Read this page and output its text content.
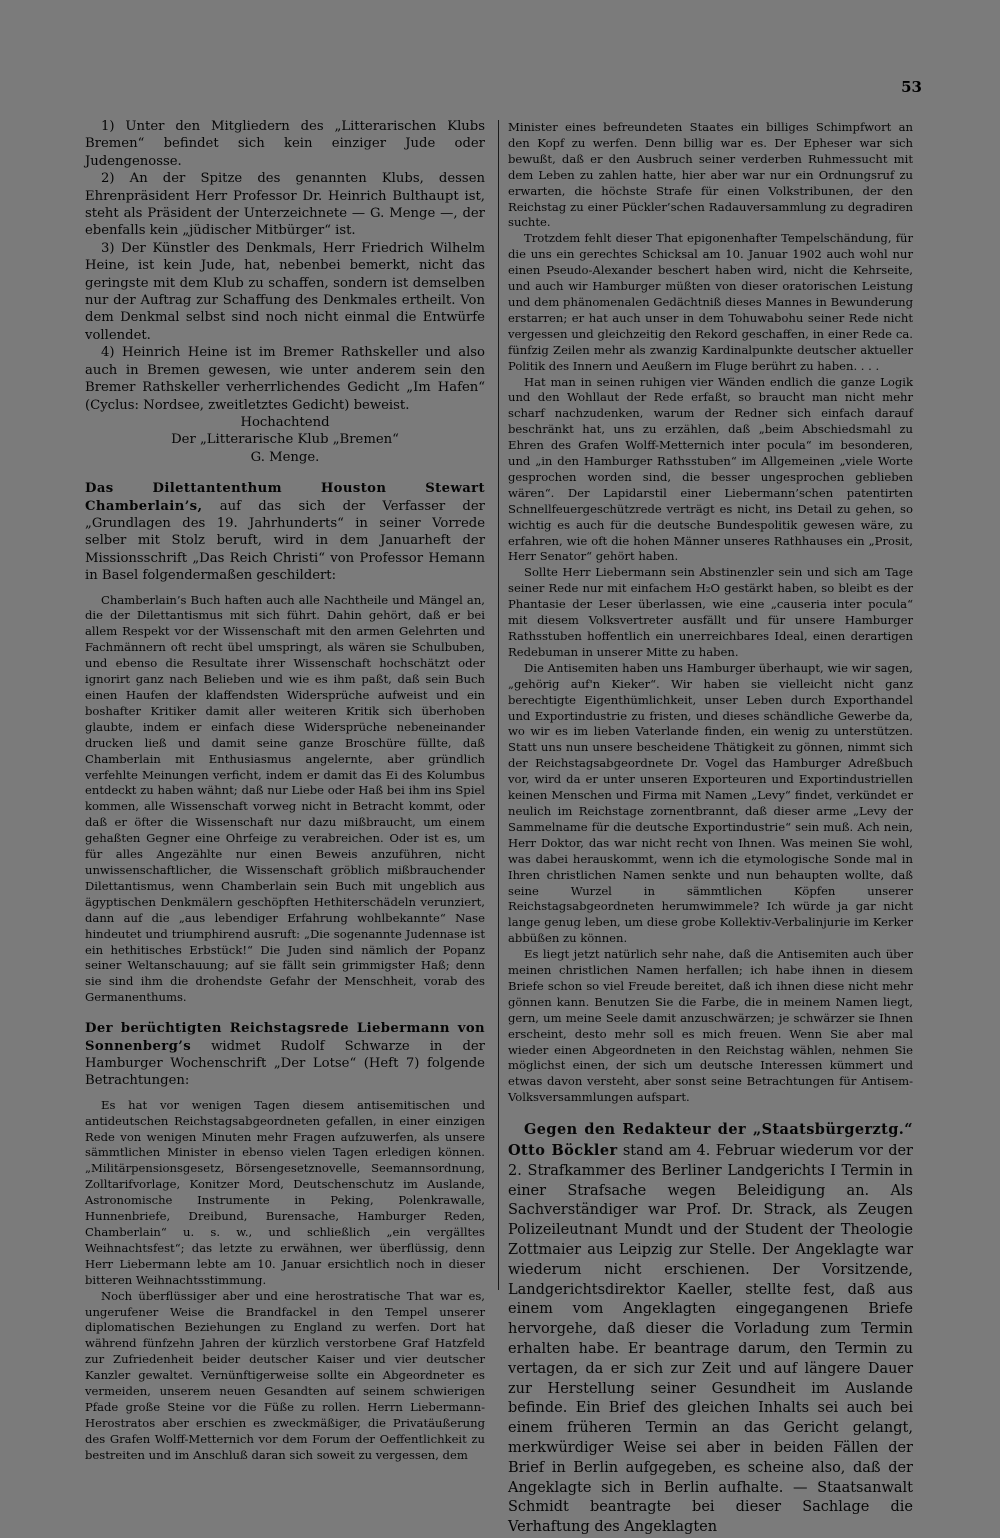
53

1) Unter den Mitgliedern des „Litterarischen Klubs Bremen“ befindet sich kein einziger Jude oder Judengenosse.

2) An der Spitze des genannten Klubs, dessen Ehrenpräsident Herr Professor Dr. Heinrich Bulthaupt ist, steht als Präsident der Unterzeichnete — G. Menge —, der ebenfalls kein „jüdischer Mitbürger“ ist.

3) Der Künstler des Denkmals, Herr Friedrich Wilhelm Heine, ist kein Jude, hat, nebenbei bemerkt, nicht das geringste mit dem Klub zu schaffen, sondern ist demselben nur der Auftrag zur Schaffung des Denkmales ertheilt. Von dem Denkmal selbst sind noch nicht einmal die Entwürfe vollendet.

4) Heinrich Heine ist im Bremer Rathskeller und also auch in Bremen gewesen, wie unter anderem sein den Bremer Rathskeller verherrlichendes Gedicht „Im Hafen“ (Cyclus: Nordsee, zweitletztes Gedicht) beweist.

Hochachtend

Der „Litterarische Klub „Bremen“

G. Menge.

Das Dilettantenthum Houston Stewart Chamberlain’s, auf das sich der Verfasser der „Grundlagen des 19. Jahrhunderts“ in seiner Vorrede selber mit Stolz beruft, wird in dem Januarheft der Missionsschrift „Das Reich Christi“ von Professor Hemann in Basel folgendermaßen geschildert:

Chamberlain’s Buch haften auch alle Nachtheile und Mängel an, die der Dilettantismus mit sich führt. Dahin gehört, daß er bei allem Respekt vor der Wissenschaft mit den armen Gelehrten und Fachmännern oft recht übel umspringt, als wären sie Schulbuben, und ebenso die Resultate ihrer Wissenschaft hochschätzt oder ignorirt ganz nach Belieben und wie es ihm paßt, daß sein Buch einen Haufen der klaffendsten Widersprüche aufweist und ein boshafter Kritiker damit aller weiteren Kritik sich überhoben glaubte, indem er einfach diese Widersprüche nebeneinander drucken ließ und damit seine ganze Broschüre füllte, daß Chamberlain mit Enthusiasmus angelernte, aber gründlich verfehlte Meinungen verficht, indem er damit das Ei des Kolumbus entdeckt zu haben wähnt; daß nur Liebe oder Haß bei ihm ins Spiel kommen, alle Wissenschaft vorweg nicht in Betracht kommt, oder daß er öfter die Wissenschaft nur dazu mißbraucht, um einem gehaßten Gegner eine Ohrfeige zu verabreichen. Oder ist es, um für alles Angezählte nur einen Beweis anzuführen, nicht unwissenschaftlicher, die Wissenschaft gröblich mißbrauchender Dilettantismus, wenn Chamberlain sein Buch mit ungeblich aus ägyptischen Denkmälern geschöpften Hethiterschädeln verunziert, dann auf die „aus lebendiger Erfahrung wohlbekannte“ Nase hindeutet und triumphirend ausruft: „Die sogenannte Judennase ist ein hethitisches Erbstück!“ Die Juden sind nämlich der Popanz seiner Weltanschauung; auf sie fällt sein grimmigster Haß; denn sie sind ihm die drohendste Gefahr der Menschheit, vorab des Germanenthums.

Der berüchtigten Reichstagsrede Liebermann von Sonnenberg’s widmet Rudolf Schwarze in der Hamburger Wochenschrift „Der Lotse“ (Heft 7) folgende Betrachtungen:

Es hat vor wenigen Tagen diesem antisemitischen und antideutschen Reichstagsabgeordneten gefallen, in einer einzigen Rede von wenigen Minuten mehr Fragen aufzuwerfen, als unsere sämmtlichen Minister in ebenso vielen Tagen erledigen können. „Militärpensionsgesetz, Börsengesetznovelle, Seemannsordnung, Zolltarifvorlage, Konitzer Mord, Deutschenschutz im Auslande, Astronomische Instrumente in Peking, Polenkrawalle, Hunnenbriefe, Dreibund, Burensache, Hamburger Reden, Chamberlain“ u. s. w., und schließlich „ein vergälltes Weihnachtsfest“; das letzte zu erwähnen, wer überflüssig, denn Herr Liebermann lebte am 10. Januar ersichtlich noch in dieser bitteren Weihnachtsstimmung.

Noch überflüssiger aber und eine herostratische That war es, ungerufener Weise die Brandfackel in den Tempel unserer diplomatischen Beziehungen zu England zu werfen. Dort hat während fünfzehn Jahren der kürzlich verstorbene Graf Hatzfeld zur Zufriedenheit beider deutscher Kaiser und vier deutscher Kanzler gewaltet. Vernünftigerweise sollte ein Abgeordneter es vermeiden, unserem neuen Gesandten auf seinem schwierigen Pfade große Steine vor die Füße zu rollen. Herrn Liebermann-Herostratos aber erschien es zweckmäßiger, die Privatäußerung des Grafen Wolff-Metternich vor dem Forum der Oeffentlichkeit zu bestreiten und im Anschluß daran sich soweit zu vergessen, dem

Minister eines befreundeten Staates ein billiges Schimpfwort an den Kopf zu werfen. Denn billig war es. Der Epheser war sich bewußt, daß er den Ausbruch seiner verderben Ruhmessucht mit dem Leben zu zahlen hatte, hier aber war nur ein Ordnungsruf zu erwarten, die höchste Strafe für einen Volkstribunen, der den Reichstag zu einer Pückler’schen Radauversammlung zu degradiren suchte.

Trotzdem fehlt dieser That epigonenhafter Tempelschändung, für die uns ein gerechtes Schicksal am 10. Januar 1902 auch wohl nur einen Pseudo-Alexander beschert haben wird, nicht die Kehrseite, und auch wir Hamburger müßten von dieser oratorischen Leistung und dem phänomenalen Gedächtniß dieses Mannes in Bewunderung erstarren; er hat auch unser in dem Tohuwabohu seiner Rede nicht vergessen und gleichzeitig den Rekord geschaffen, in einer Rede ca. fünfzig Zeilen mehr als zwanzig Kardinalpunkte deutscher aktueller Politik des Innern und Aeußern im Fluge berührt zu haben. . . .

Hat man in seinen ruhigen vier Wänden endlich die ganze Logik und den Wohllaut der Rede erfaßt, so braucht man nicht mehr scharf nachzudenken, warum der Redner sich einfach darauf beschränkt hat, uns zu erzählen, daß „beim Abschiedsmahl zu Ehren des Grafen Wolff-Metternich inter pocula“ im besonderen, und „in den Hamburger Rathsstuben“ im Allgemeinen „viele Worte gesprochen worden sind, die besser ungesprochen geblieben wären“. Der Lapidarstil einer Liebermann’schen patentirten Schnellfeuergeschützrede verträgt es nicht, ins Detail zu gehen, so wichtig es auch für die deutsche Bundespolitik gewesen wäre, zu erfahren, wie oft die hohen Männer unseres Rathhauses ein „Prosit, Herr Senator“ gehört haben.

Sollte Herr Liebermann sein Abstinenzler sein und sich am Tage seiner Rede nur mit einfachem H₂O gestärkt haben, so bleibt es der Phantasie der Leser überlassen, wie eine „causeria inter pocula“ mit diesem Volksvertreter ausfällt und für unsere Hamburger Rathsstuben hoffentlich ein unerreichbares Ideal, einen derartigen Redebuman in unserer Mitte zu haben.

Die Antisemiten haben uns Hamburger überhaupt, wie wir sagen, „gehörig auf'n Kieker“. Wir haben sie vielleicht nicht ganz berechtigte Eigenthümlichkeit, unser Leben durch Exporthandel und Exportindustrie zu fristen, und dieses schändliche Gewerbe da, wo wir es im lieben Vaterlande finden, ein wenig zu unterstützen. Statt uns nun unsere bescheidene Thätigkeit zu gönnen, nimmt sich der Reichstagsabgeordnete Dr. Vogel das Hamburger Adreßbuch vor, wird da er unter unseren Exporteuren und Exportindustriellen keinen Menschen und Firma mit Namen „Levy“ findet, verkündet er neulich im Reichstage zornentbrannt, daß dieser arme „Levy der Sammelname für die deutsche Exportindustrie“ sein muß. Ach nein, Herr Doktor, das war nicht recht von Ihnen. Was meinen Sie wohl, was dabei herauskommt, wenn ich die etymologische Sonde mal in Ihren christlichen Namen senkte und nun behaupten wollte, daß seine Wurzel in sämmtlichen Köpfen unserer Reichstagsabgeordneten herumwimmele? Ich würde ja gar nicht lange genug leben, um diese grobe Kollektiv-Verbalinjurie im Kerker abbüßen zu können.

Es liegt jetzt natürlich sehr nahe, daß die Antisemiten auch über meinen christlichen Namen herfallen; ich habe ihnen in diesem Briefe schon so viel Freude bereitet, daß ich ihnen diese nicht mehr gönnen kann. Benutzen Sie die Farbe, die in meinem Namen liegt, gern, um meine Seele damit anzuschwärzen; je schwärzer sie Ihnen erscheint, desto mehr soll es mich freuen. Wenn Sie aber mal wieder einen Abgeordneten in den Reichstag wählen, nehmen Sie möglichst einen, der sich um deutsche Interessen kümmert und etwas davon versteht, aber sonst seine Betrachtungen für Antisem-Volksversammlungen aufspart.

Gegen den Redakteur der „Staatsbürgerztg.“ Otto Böckler stand am 4. Februar wiederum vor der 2. Strafkammer des Berliner Landgerichts I Termin in einer Strafsache wegen Beleidigung an. Als Sachverständiger war Prof. Dr. Strack, als Zeugen Polizeileutnant Mundt und der Student der Theologie Zottmaier aus Leipzig zur Stelle. Der Angeklagte war wiederum nicht erschienen. Der Vorsitzende, Landgerichtsdirektor Kaeller, stellte fest, daß aus einem vom Angeklagten eingegangenen Briefe hervorgehe, daß dieser die Vorladung zum Termin erhalten habe. Er beantrage darum, den Termin zu vertagen, da er sich zur Zeit und auf längere Dauer zur Herstellung seiner Gesundheit im Auslande befinde. Ein Brief des gleichen Inhalts sei auch bei einem früheren Termin an das Gericht gelangt, merkwürdiger Weise sei aber in beiden Fällen der Brief in Berlin aufgegeben, es scheine also, daß der Angeklagte sich in Berlin aufhalte. — Staatsanwalt Schmidt beantragte bei dieser Sachlage die Verhaftung des Angeklagten
